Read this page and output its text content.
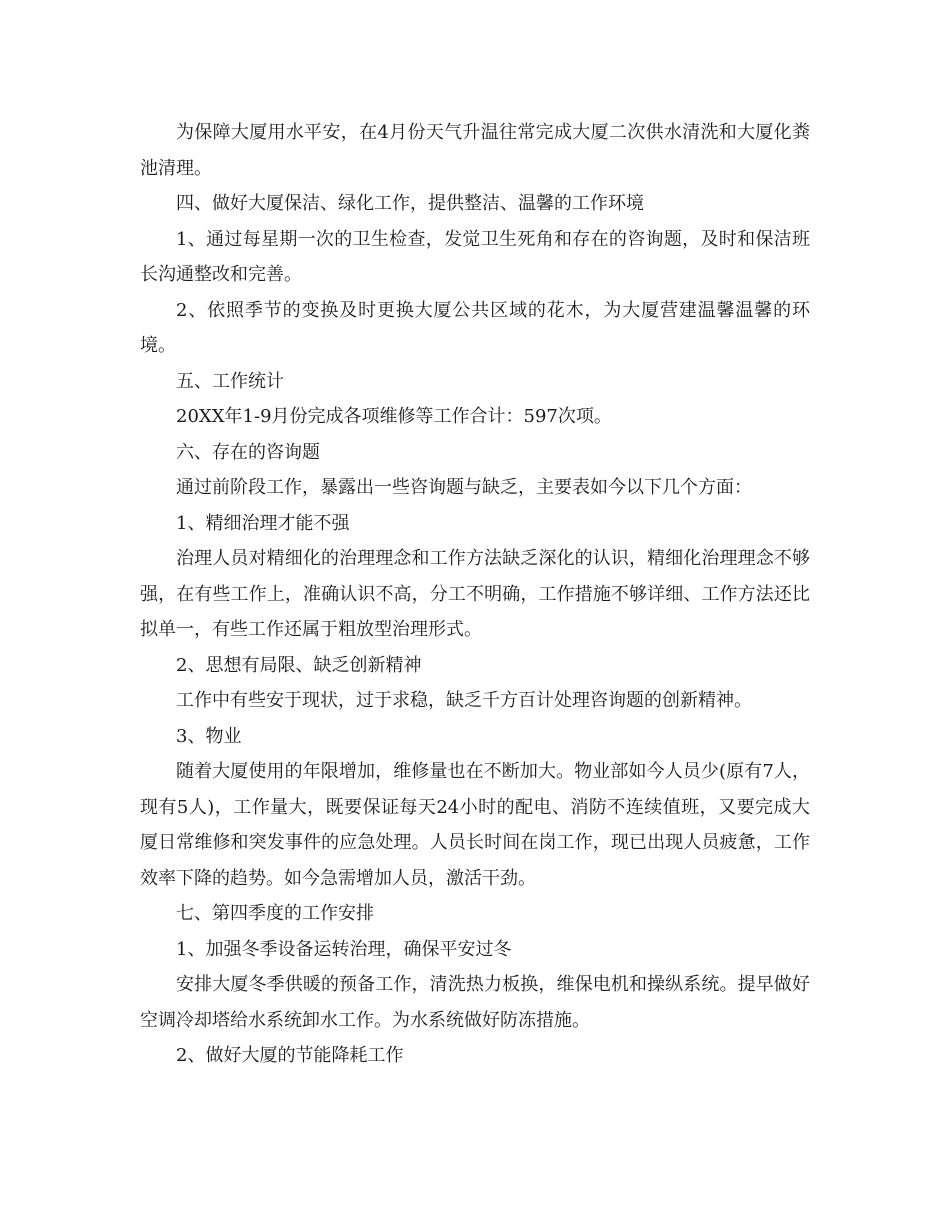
为保障大厦用水平安，在4月份天气升温往常完成大厦二次供水清洗和大厦化粪池清理。

四、做好大厦保洁、绿化工作，提供整洁、温馨的工作环境

1、通过每星期一次的卫生检查，发觉卫生死角和存在的咨询题，及时和保洁班长沟通整改和完善。

2、依照季节的变换及时更换大厦公共区域的花木，为大厦营建温馨温馨的环境。

五、工作统计

20XX年1-9月份完成各项维修等工作合计：597次项。

六、存在的咨询题

通过前阶段工作，暴露出一些咨询题与缺乏，主要表如今以下几个方面：

1、精细治理才能不强

治理人员对精细化的治理理念和工作方法缺乏深化的认识，精细化治理理念不够强，在有些工作上，准确认识不高，分工不明确，工作措施不够详细、工作方法还比拟单一，有些工作还属于粗放型治理形式。

2、思想有局限、缺乏创新精神

工作中有些安于现状，过于求稳，缺乏千方百计处理咨询题的创新精神。

3、物业

随着大厦使用的年限增加，维修量也在不断加大。物业部如今人员少(原有7人，现有5人)，工作量大，既要保证每天24小时的配电、消防不连续值班，又要完成大厦日常维修和突发事件的应急处理。人员长时间在岗工作，现已出现人员疲惫，工作效率下降的趋势。如今急需增加人员，激活干劲。

七、第四季度的工作安排

1、加强冬季设备运转治理，确保平安过冬

安排大厦冬季供暖的预备工作，清洗热力板换，维保电机和操纵系统。提早做好空调冷却塔给水系统卸水工作。为水系统做好防冻措施。

2、做好大厦的节能降耗工作
